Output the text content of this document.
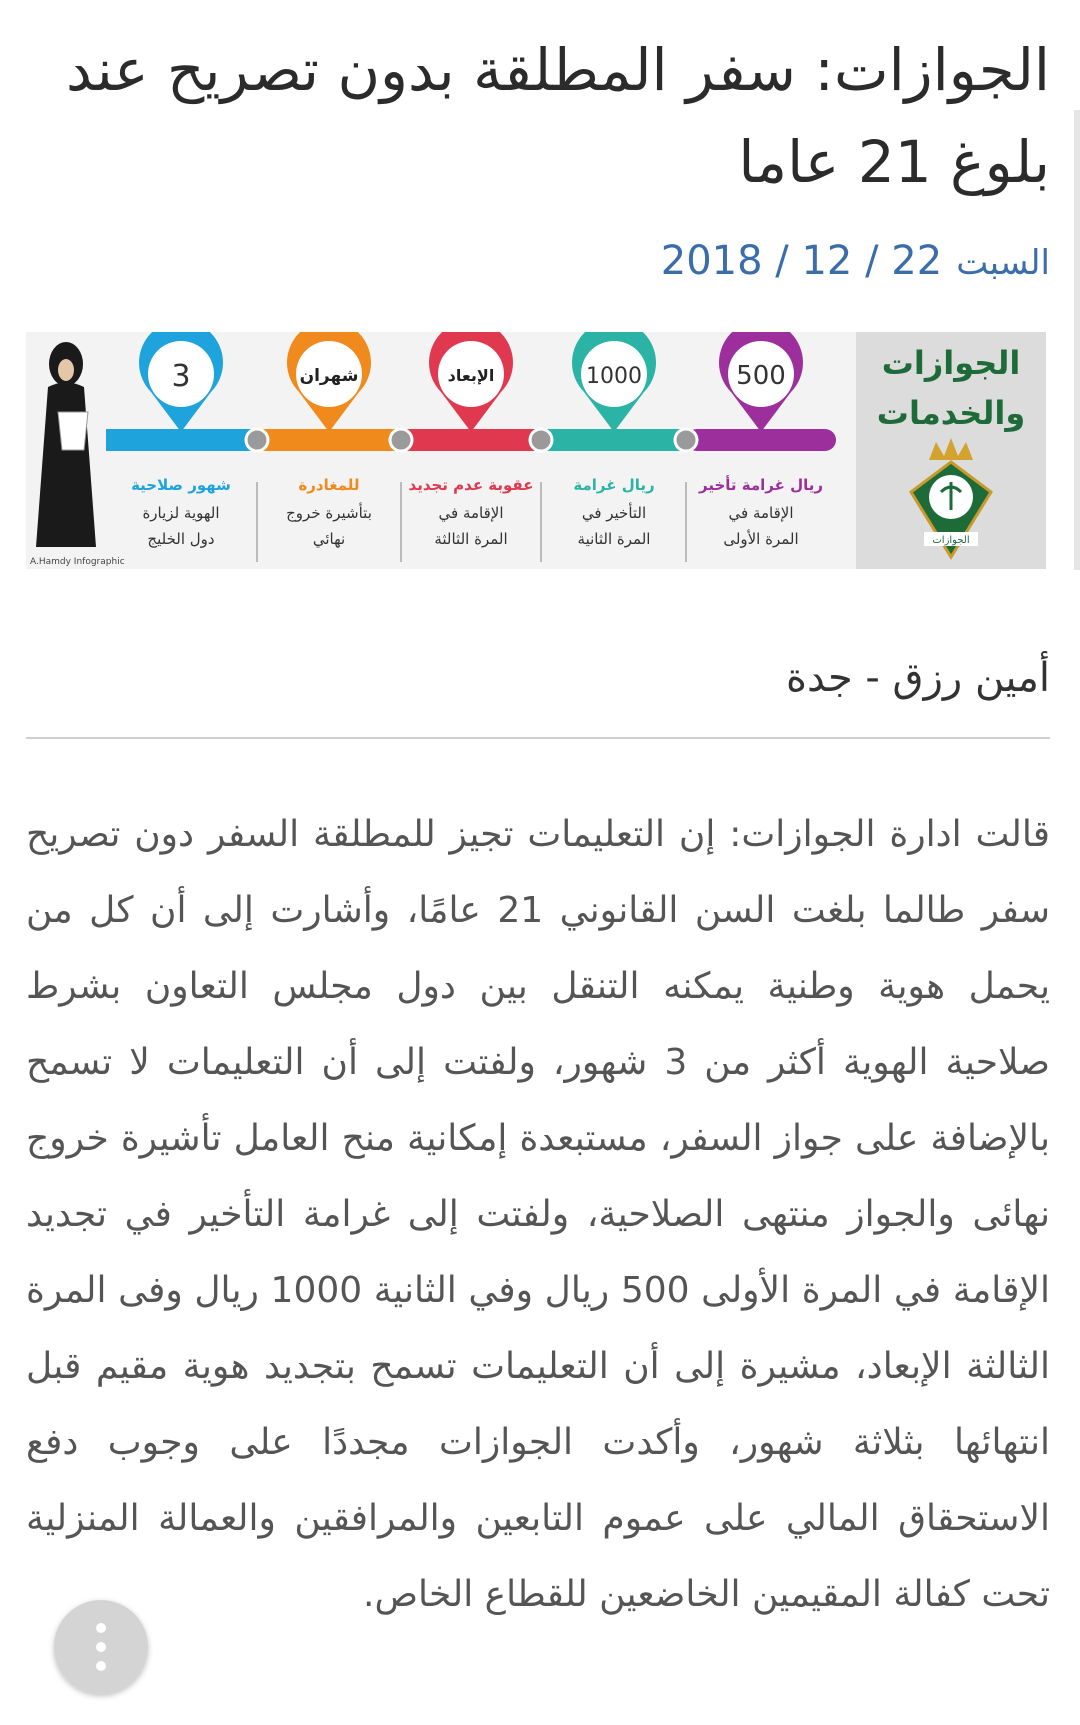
الجوازات: سفر المطلقة بدون تصريح عند بلوغ 21 عاما
السبت22 / 12 / 2018
الجوازات
والخدمات
الجوازات
A.Hamdy Infographic
3
شهور صلاحية
الهوية لزيارة
دول الخليج
شهران
للمغادرة
بتأشيرة خروج
نهائي
الإبعاد
عقوبة عدم تجديد
الإقامة في
المرة الثالثة
1000
ريال غرامة
التأخير في
المرة الثانية
500
ريال غرامة تأخير
الإقامة في
المرة الأولى
أمين رزق - جدة

قالت ادارة الجوازات: إن التعليمات تجيز للمطلقة السفر دون تصريح سفر طالما بلغت السن القانوني 21 عامًا، وأشارت إلى أن كل من يحمل هوية وطنية يمكنه التنقل بين دول مجلس التعاون بشرط صلاحية الهوية أكثر من 3 شهور، ولفتت إلى أن التعليمات لا تسمح بالإضافة على جواز السفر، مستبعدة إمكانية منح العامل تأشيرة خروج نهائى والجواز منتهى الصلاحية، ولفتت إلى غرامة التأخير في تجديد الإقامة في المرة الأولى 500 ريال وفي الثانية 1000 ريال وفى المرة الثالثة الإبعاد، مشيرة إلى أن التعليمات تسمح بتجديد هوية مقيم قبل انتهائها بثلاثة شهور، وأكدت الجوازات مجددًا على وجوب دفع الاستحقاق المالي على عموم التابعين والمرافقين والعمالة المنزلية تحت كفالة المقيمين الخاضعين للقطاع الخاص.
